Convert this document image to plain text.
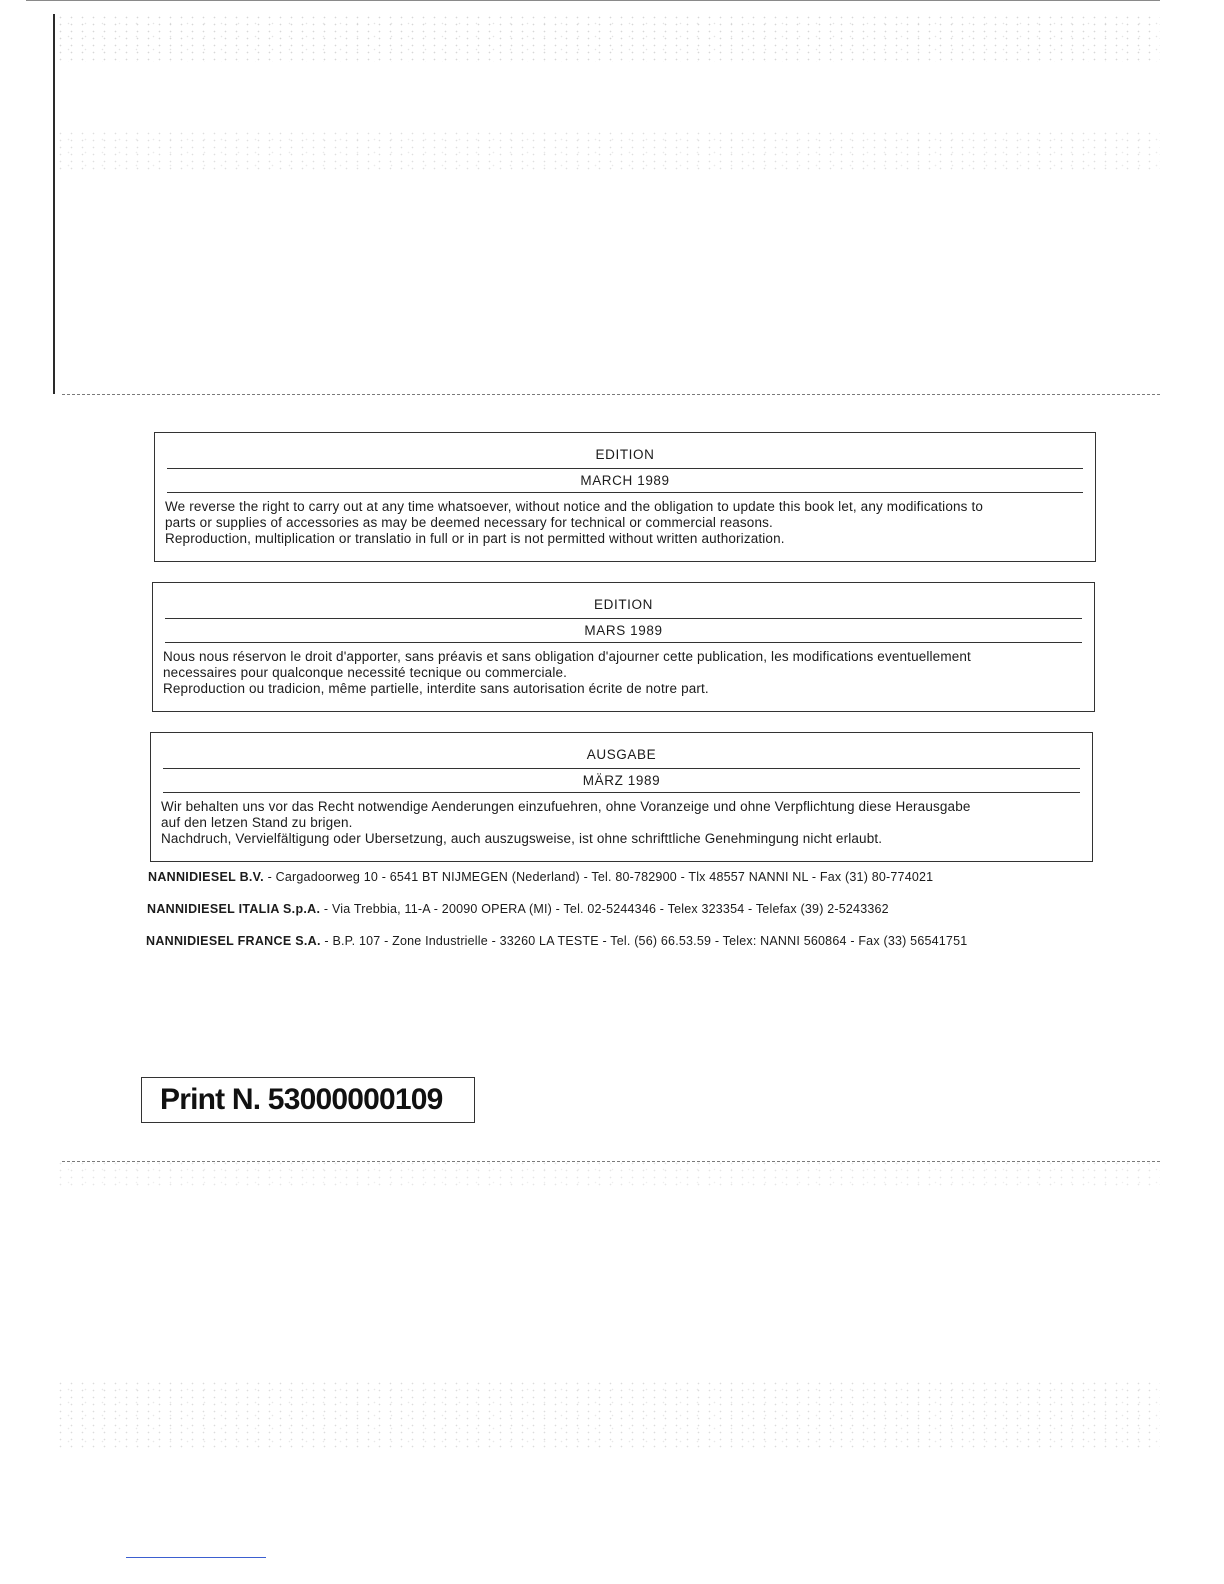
EDITION
MARCH 1989

We reverse the right to carry out at any time whatsoever, without notice and the obligation to update this book let, any modifications to

parts or supplies of accessories as may be deemed necessary for technical or commercial reasons.

Reproduction, multiplication or translatio in full or in part is not permitted without written authorization.

EDITION
MARS 1989

Nous nous réservon le droit d'apporter, sans préavis et sans obligation d'ajourner cette publication, les modifications eventuellement

necessaires pour qualconque necessité tecnique ou commerciale.

Reproduction ou tradicion, même partielle, interdite sans autorisation écrite de notre part.

AUSGABE
MÄRZ 1989

Wir behalten uns vor das Recht notwendige Aenderungen einzufuehren, ohne Voranzeige und ohne Verpflichtung diese Herausgabe

auf den letzen Stand zu brigen.

Nachdruch, Vervielfältigung oder Ubersetzung, auch auszugsweise, ist ohne schrifttliche Genehmingung nicht erlaubt.

NANNIDIESEL B.V. - Cargadoorweg 10 - 6541 BT NIJMEGEN (Nederland) - Tel. 80-782900 - Tlx 48557 NANNI NL - Fax (31) 80-774021
NANNIDIESEL ITALIA S.p.A. - Via Trebbia, 11-A - 20090 OPERA (MI) - Tel. 02-5244346 - Telex 323354 - Telefax (39) 2-5243362
NANNIDIESEL FRANCE S.A. - B.P. 107 - Zone Industrielle - 33260 LA TESTE - Tel. (56) 66.53.59 - Telex: NANNI 560864 - Fax (33) 56541751
Print N. 53000000109
